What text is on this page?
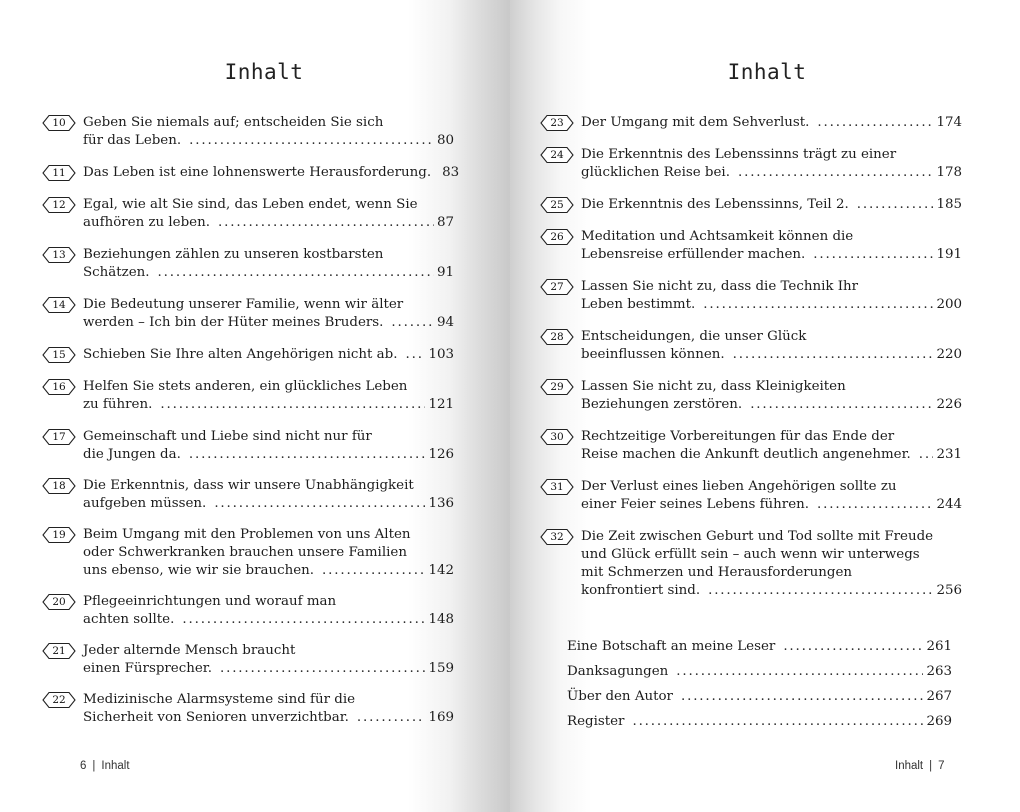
Inhalt
10	Geben Sie niemals auf; entscheiden Sie sich
für das Leben. . . .	80
11	Das Leben ist eine lohnenswerte Herausforderung. 83
12	Egal, wie alt Sie sind, das Leben endet, wenn Sie
aufhören zu leben. . . .	87
13	Beziehungen zählen zu unseren kostbarsten
Schätzen. . . .	91
14	Die Bedeutung unserer Familie, wenn wir älter
werden – Ich bin der Hüter meines Bruders. . . .	94
15	Schieben Sie Ihre alten Angehörigen nicht ab. . . . 103
16	Helfen Sie stets anderen, ein glückliches Leben
zu führen. . . .	121
17	Gemeinschaft und Liebe sind nicht nur für
die Jungen da. . . .	126
18	Die Erkenntnis, dass wir unsere Unabhängigkeit
aufgeben müssen. . . .	136
19	Beim Umgang mit den Problemen von uns Alten
oder Schwerkranken brauchen unsere Familien
uns ebenso, wie wir sie brauchen. . . .	142
20	Pflegeeinrichtungen und worauf man
achten sollte. . . .	148
21	Jeder alternde Mensch braucht
einen Fürsprecher. . . .	159
22	Medizinische Alarmsysteme sind für die
Sicherheit von Senioren unverzichtbar. . . .	169
6 | Inhalt
Inhalt
23	Der Umgang mit dem Sehverlust. . . .	174
24	Die Erkenntnis des Lebenssinns trägt zu einer
glücklichen Reise bei. . . .	178
25	Die Erkenntnis des Lebenssinns, Teil 2. . . .	185
26	Meditation und Achtsamkeit können die
Lebensreise erfüllender machen. . . .	191
27	Lassen Sie nicht zu, dass die Technik Ihr
Leben bestimmt. . . .	200
28	Entscheidungen, die unser Glück
beeinflussen können. . . .	220
29	Lassen Sie nicht zu, dass Kleinigkeiten
Beziehungen zerstören. . . .	226
30	Rechtzeitige Vorbereitungen für das Ende der
Reise machen die Ankunft deutlich angenehmer. . . . 231
31	Der Verlust eines lieben Angehörigen sollte zu
einer Feier seines Lebens führen. . . .	244
32	Die Zeit zwischen Geburt und Tod sollte mit Freude
und Glück erfüllt sein – auch wenn wir unterwegs
mit Schmerzen und Herausforderungen
konfrontiert sind. . . .	256
Inhalt | 7
Eine Botschaft an meine Leser . . .	261
Danksagungen . . .	263
Über den Autor . . .	267
Register . . .	269
